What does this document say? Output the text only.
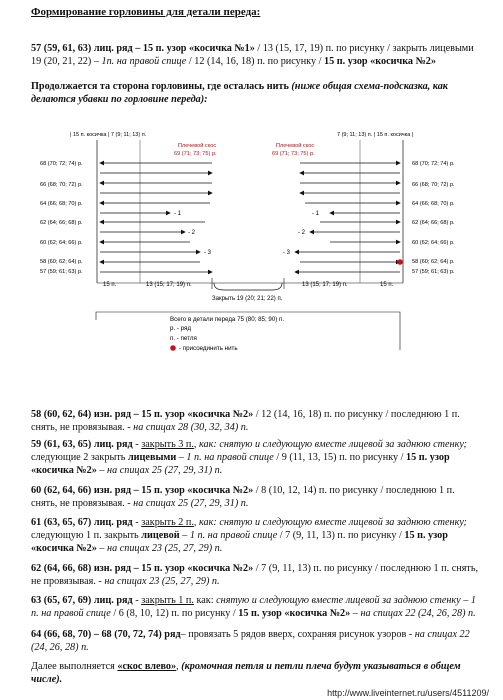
Формирование горловины для детали переда:
57 (59, 61, 63) лиц. ряд – 15 п. узор «косичка №1» / 13 (15, 17, 19) п. по рисунку / закрыть лицевыми 19 (20, 21, 22) – 1п. на правой спице / 12 (14, 16, 18) п. по рисунку / 15 п. узор «косичка №2»
Продолжается та сторона горловины, где осталась нить (ниже общая схема-подсказка, как делаются убавки по горловине переда):
| 15 п. косичка | 7 (9; 11; 13) п.	7 (9; 11; 13) п. | 15 п. косичка |
Плечевой скос
69 (71; 73; 75) р.
Плечевой скос
69 (71; 73; 75) р.
68 (70; 72; 74) р.
66 (68; 70; 72) р.
64 (66; 68; 70) р.
62 (64; 66; 68) р.
60 (62; 64; 66) р.
58 (60; 62; 64) р.
57 (59; 61; 63) р.
68 (70; 72; 74) р.
66 (68; 70; 72) р.
64 (66; 68; 70) р.
62 (64; 66; 68) р.
60 (62; 64; 66) р.
58 (60; 62; 64) р.
57 (59; 61; 63) р.
- 1
- 2
- 3
- 1
- 2
- 3
15 п.	13 (15; 17; 19) п.	13 (15; 17; 19) п.	15 п.
Закрыть 19 (20; 21; 22) п.
Всего в детали переда 75 (80; 85; 90) п.
р. - ряд
п. - петля
- присоединить нить
58 (60, 62, 64) изн. ряд – 15 п. узор «косичка №2» / 12 (14, 16, 18) п. по рисунку / последнюю 1 п. снять, не провязывая. - на спицах 28 (30, 32, 34) п.
59 (61, 63, 65) лиц. ряд - закрыть 3 п., как: снятую и следующую вместе лицевой за заднюю стенку; следующие 2 закрыть лицевыми – 1 п. на правой спице / 9 (11, 13, 15) п. по рисунку / 15 п. узор «косичка №2» – на спицах 25 (27, 29, 31) п.
60 (62, 64, 66) изн. ряд – 15 п. узор «косичка №2» / 8 (10, 12, 14) п. по рисунку / последнюю 1 п. снять, не провязывая. - на спицах 25 (27, 29, 31) п.
61 (63, 65, 67) лиц. ряд - закрыть 2 п., как: снятую и следующую вместе лицевой за заднюю стенку; следующую 1 п. закрыть лицевой – 1 п. на правой спице / 7 (9, 11, 13) п. по рисунку / 15 п. узор «косичка №2» – на спицах 23 (25, 27, 29) п.
62 (64, 66, 68) изн. ряд – 15 п. узор «косичка №2» / 7 (9, 11, 13) п. по рисунку / последнюю 1 п. снять, не провязывая. - на спицах 23 (25, 27, 29) п.
63 (65, 67, 69) лиц. ряд - закрыть 1 п. как: снятую и следующую вместе лицевой за заднюю стенку – 1 п. на правой спице / 6 (8, 10, 12) п. по рисунку / 15 п. узор «косичка №2» – на спицах 22 (24, 26, 28) п.
64 (66, 68, 70) – 68 (70, 72, 74) ряд– провязать 5 рядов вверх, сохраняя рисунок узоров - на спицах 22 (24, 26, 28) п.
Далее выполняется «скос влево», (кромочная петля и петли плеча будут указываться в общем числе).
http://www.liveinternet.ru/users/4511209/
